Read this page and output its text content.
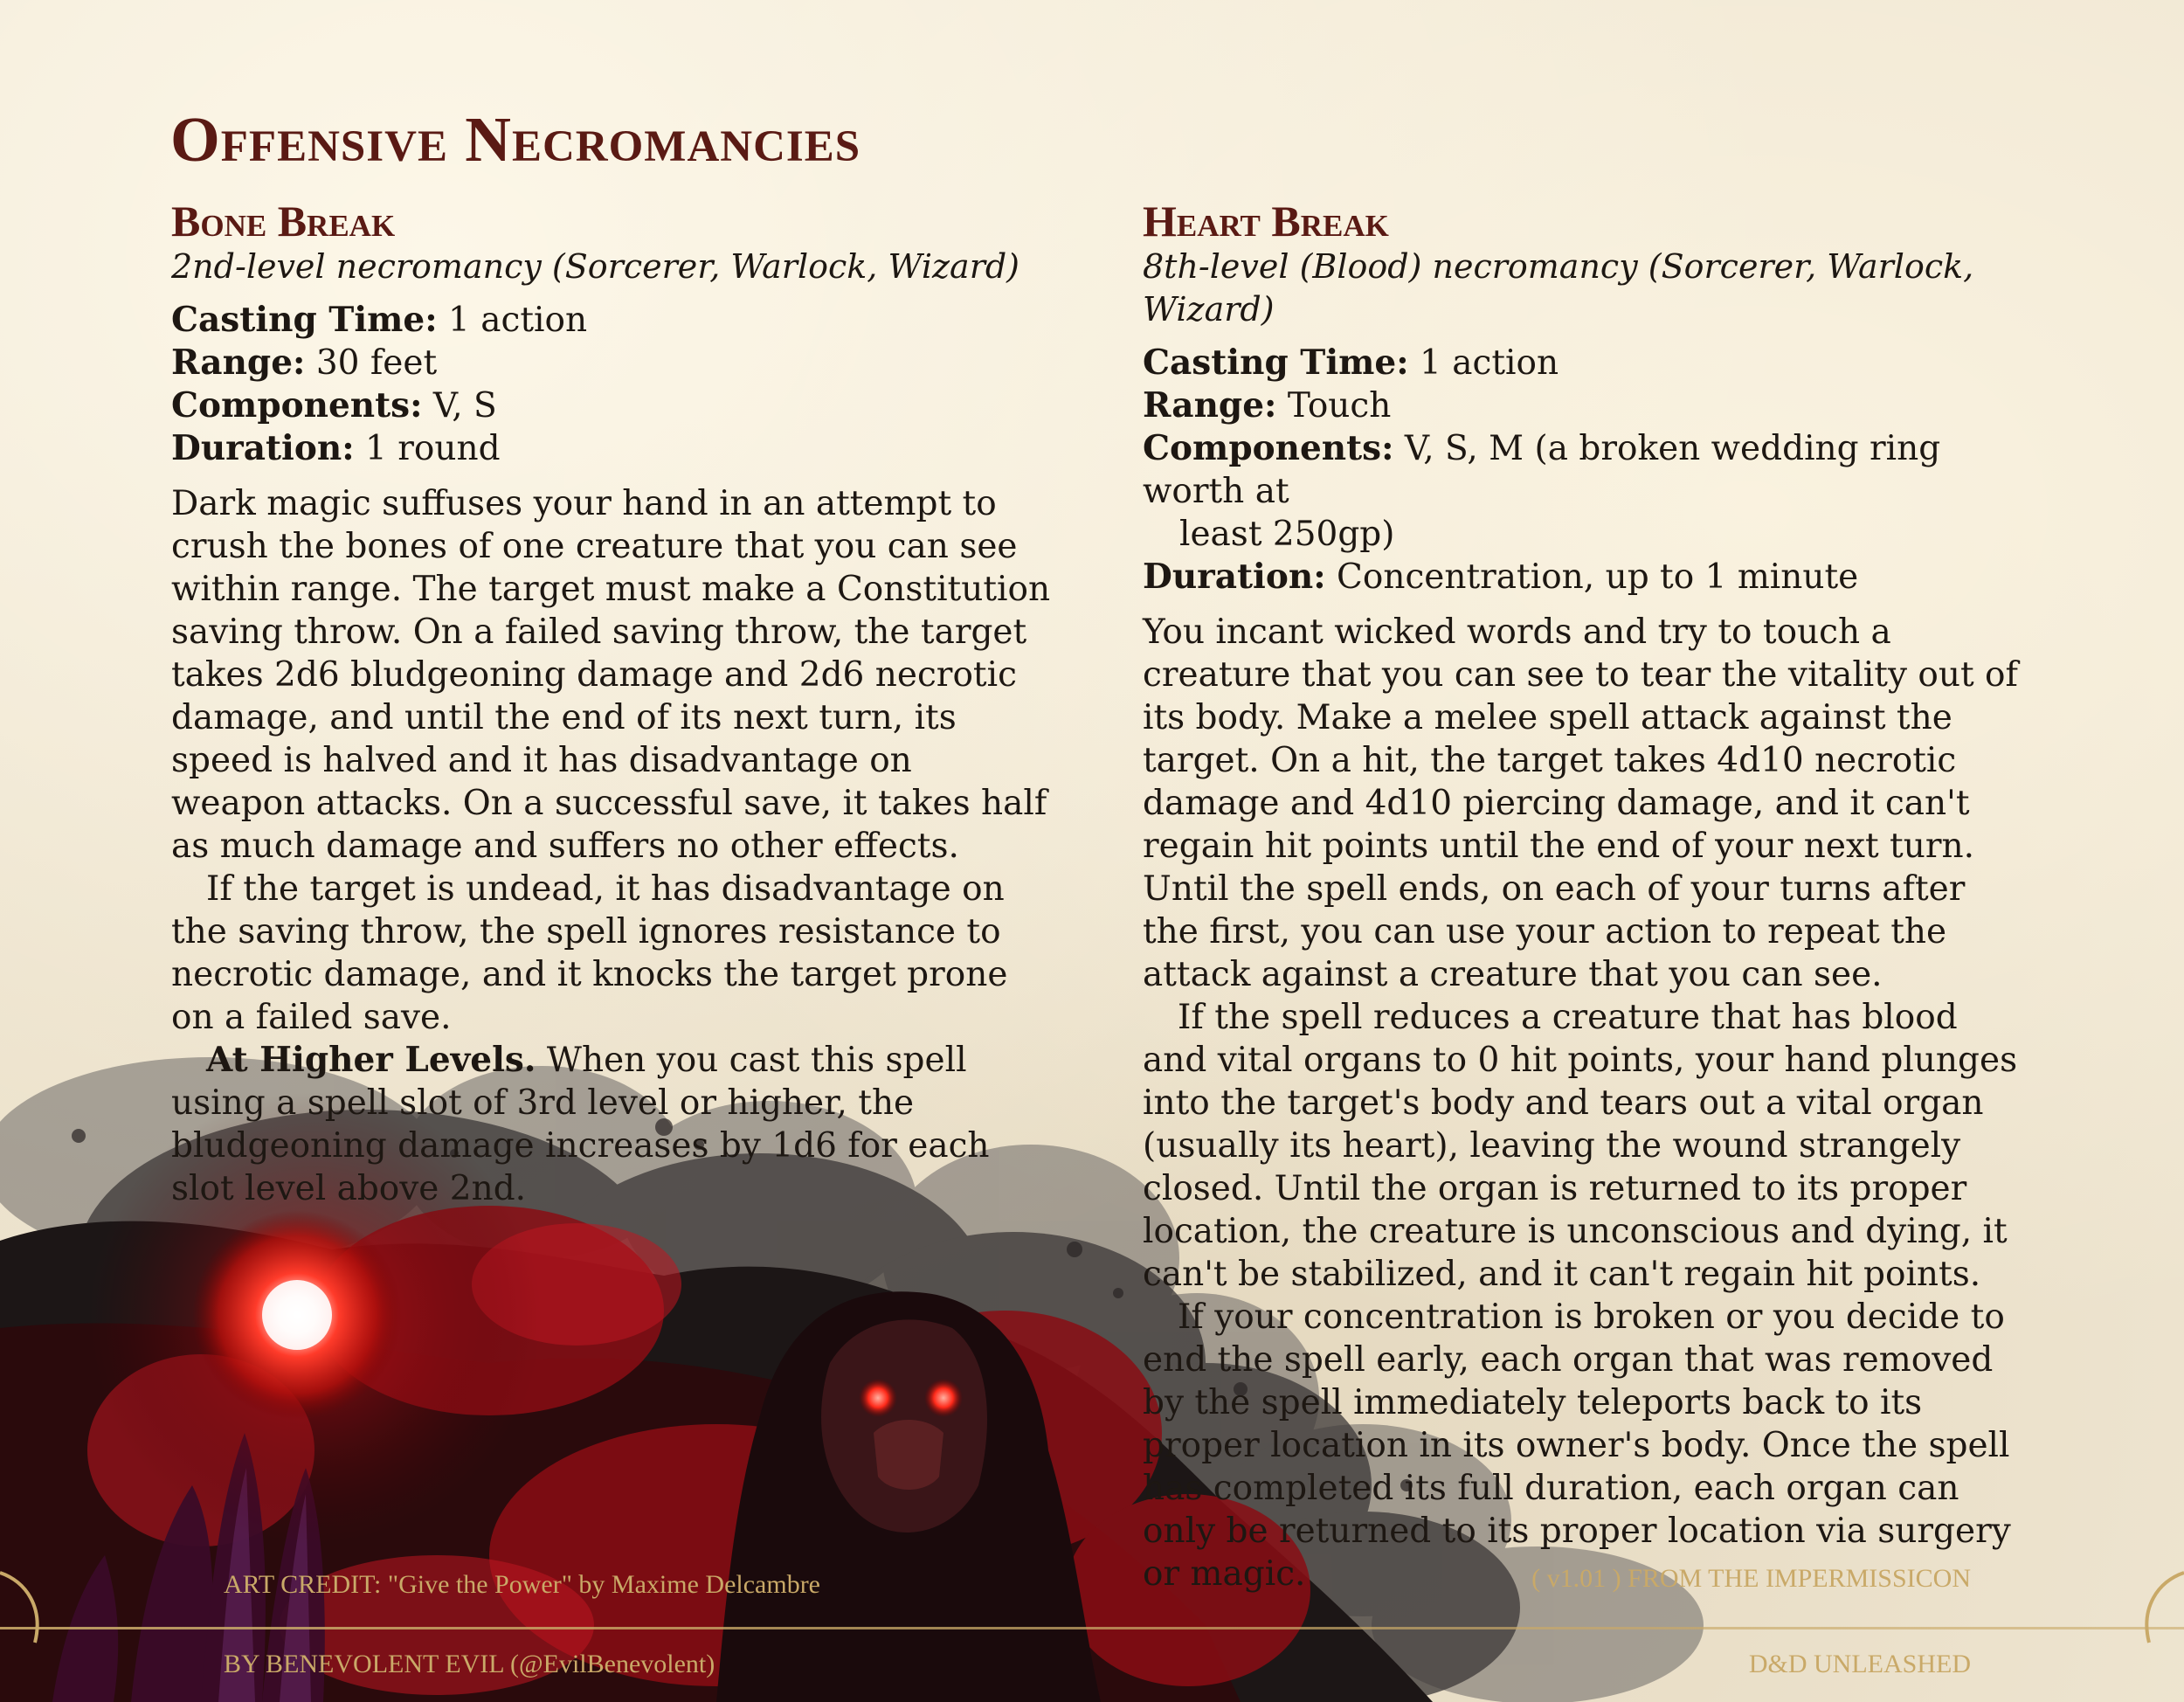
Offensive Necromancies
Bone Break

2nd-level necromancy (Sorcerer, Warlock, Wizard)

Casting Time: 1 action

Range: 30 feet

Components: V, S

Duration: 1 round

Dark magic suffuses your hand in an attempt to crush the bones of one creature that you can see within range. The target must make a Constitution saving throw. On a failed saving throw, the target takes 2d6 bludgeoning damage and 2d6 necrotic damage, and until the end of its next turn, its speed is halved and it has disadvantage on weapon attacks. On a successful save, it takes half as much damage and suffers no other effects.

If the target is undead, it has disadvantage on the saving throw, the spell ignores resistance to necrotic damage, and it knocks the target prone on a failed save.

At Higher Levels. When you cast this spell using a spell slot of 3rd level or higher, the bludgeoning damage increases by 1d6 for each slot level above 2nd.

Heart Break

8th-level (Blood) necromancy (Sorcerer, Warlock, Wizard)

Casting Time: 1 action

Range: Touch

Components: V, S, M (a broken wedding ring worth at

least 250gp)

Duration: Concentration, up to 1 minute

You incant wicked words and try to touch a creature that you can see to tear the vitality out of its body. Make a melee spell attack against the target. On a hit, the target takes 4d10 necrotic damage and 4d10 piercing damage, and it can't regain hit points until the end of your next turn. Until the spell ends, on each of your turns after the first, you can use your action to repeat the attack against a creature that you can see.

If the spell reduces a creature that has blood and vital organs to 0 hit points, your hand plunges into the target's body and tears out a vital organ (usually its heart), leaving the wound strangely closed. Until the organ is returned to its proper location, the creature is unconscious and dying, it can't be stabilized, and it can't regain hit points.

If your concentration is broken or you decide to end the spell early, each organ that was removed by the spell immediately teleports back to its proper location in its owner's body. Once the spell has completed its full duration, each organ can only be returned to its proper location via surgery or magic.

ART CREDIT: "Give the Power" by Maxime Delcambre	( v1.01 ) FROM THE IMPERMISSICON
BY BENEVOLENT EVIL (@EvilBenevolent)	D&D UNLEASHED
